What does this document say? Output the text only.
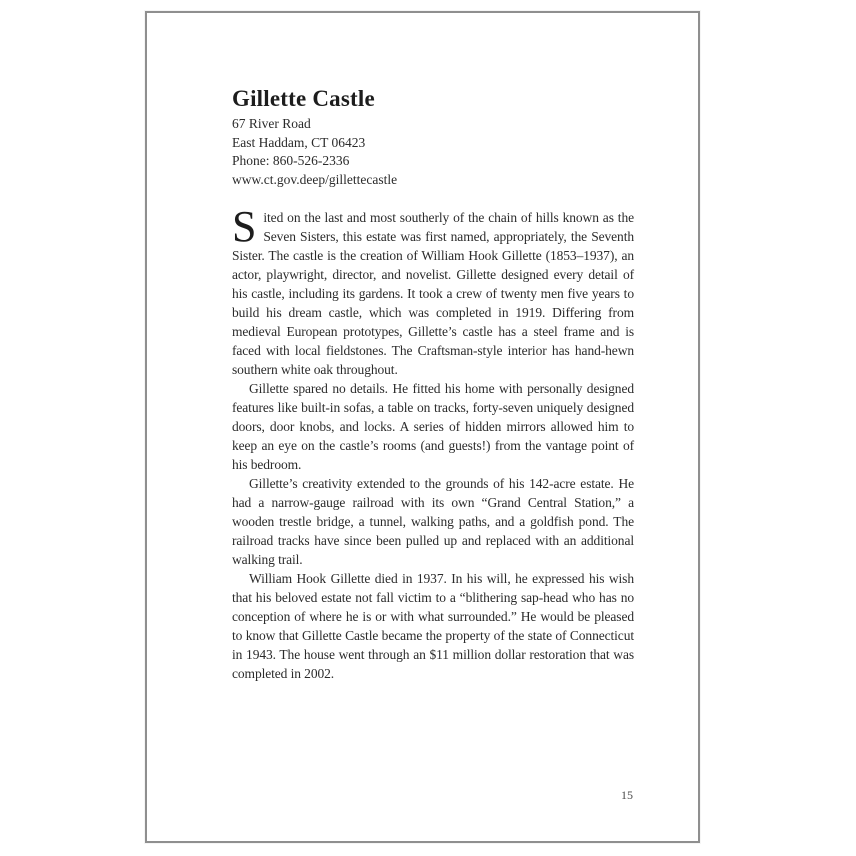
Gillette Castle
67 River Road
East Haddam, CT 06423
Phone: 860-526-2336
www.ct.gov.deep/gillettecastle

Sited on the last and most southerly of the chain of hills known as the Seven Sisters, this estate was first named, appropriately, the Seventh Sister. The castle is the creation of William Hook Gillette (1853–1937), an actor, playwright, director, and novelist. Gillette designed every detail of his castle, including its gardens. It took a crew of twenty men five years to build his dream castle, which was completed in 1919. Differing from medieval European prototypes, Gillette’s castle has a steel frame and is faced with local fieldstones. The Craftsman-style interior has hand-hewn southern white oak throughout.

Gillette spared no details. He fitted his home with personally designed features like built-in sofas, a table on tracks, forty-seven uniquely designed doors, door knobs, and locks. A series of hidden mirrors allowed him to keep an eye on the castle’s rooms (and guests!) from the vantage point of his bedroom.

Gillette’s creativity extended to the grounds of his 142-acre estate. He had a narrow-gauge railroad with its own “Grand Central Station,” a wooden trestle bridge, a tunnel, walking paths, and a goldfish pond. The railroad tracks have since been pulled up and replaced with an additional walking trail.

William Hook Gillette died in 1937. In his will, he expressed his wish that his beloved estate not fall victim to a “blithering sap-head who has no conception of where he is or with what surrounded.” He would be pleased to know that Gillette Castle became the property of the state of Connecticut in 1943. The house went through an $11 million dollar restoration that was completed in 2002.

15
